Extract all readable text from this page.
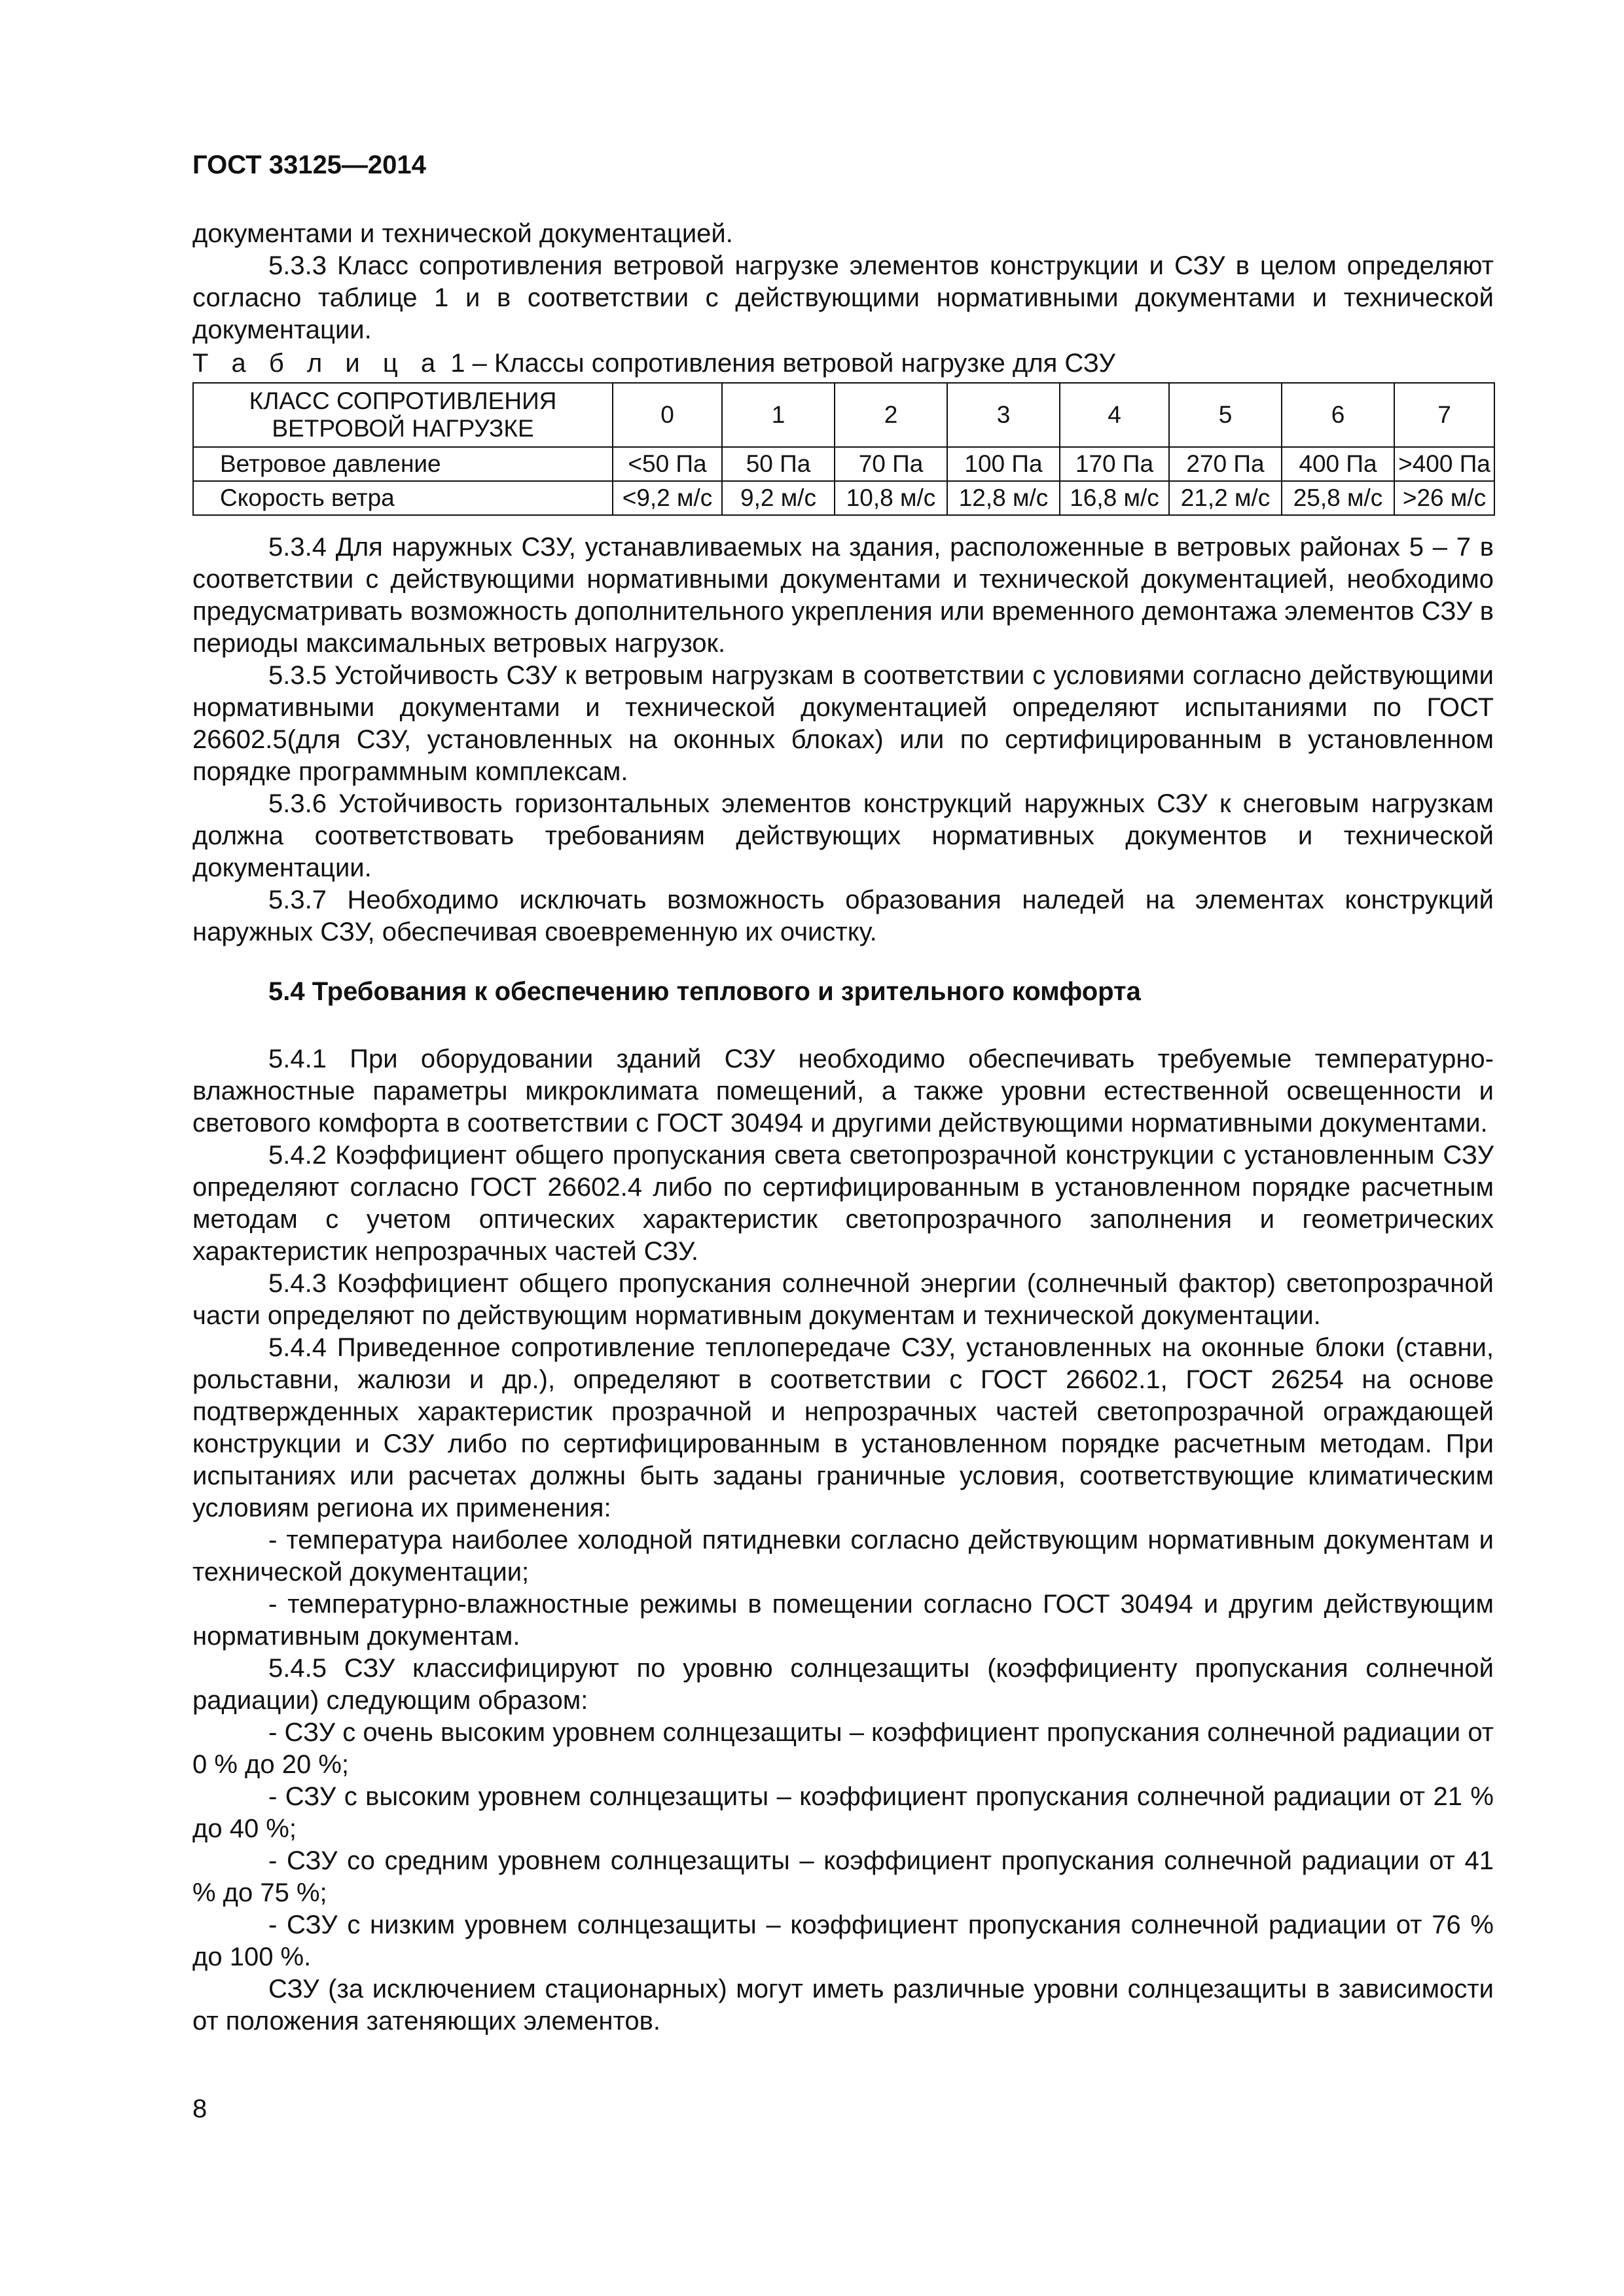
ГОСТ 33125—2014

документами и технической документацией.

5.3.3 Класс сопротивления ветровой нагрузке элементов конструкции и СЗУ в целом определяют согласно таблице 1 и в соответствии с действующими нормативными документами и технической документации.

Т а б л и ц а 1 – Классы сопротивления ветровой нагрузке для СЗУ
КЛАСС СОПРОТИВЛЕНИЯ ВЕТРОВОЙ НАГРУЗКЕ	0	1	2	3	4	5	6	7
Ветровое давление	<50 Па	50 Па	70 Па	100 Па	170 Па	270 Па	400 Па	>400 Па
Скорость ветра	<9,2 м/с	9,2 м/с	10,8 м/с	12,8 м/с	16,8 м/с	21,2 м/с	25,8 м/с	>26 м/с

5.3.4 Для наружных СЗУ, устанавливаемых на здания, расположенные в ветровых районах 5 – 7 в соответствии с действующими нормативными документами и технической документацией, необходимо предусматривать возможность дополнительного укрепления или временного демонтажа элементов СЗУ в периоды максимальных ветровых нагрузок.

5.3.5 Устойчивость СЗУ к ветровым нагрузкам в соответствии с условиями согласно действующими нормативными документами и технической документацией определяют испытаниями по ГОСТ 26602.5(для СЗУ, установленных на оконных блоках) или по сертифицированным в установленном порядке программным комплексам.

5.3.6 Устойчивость горизонтальных элементов конструкций наружных СЗУ к снеговым нагрузкам должна соответствовать требованиям действующих нормативных документов и технической документации.

5.3.7 Необходимо исключать возможность образования наледей на элементах конструкций наружных СЗУ, обеспечивая своевременную их очистку.

5.4 Требования к обеспечению теплового и зрительного комфорта

5.4.1 При оборудовании зданий СЗУ необходимо обеспечивать требуемые температурно-влажностные параметры микроклимата помещений, а также уровни естественной освещенности и светового комфорта в соответствии с ГОСТ 30494 и другими действующими нормативными документами.

5.4.2 Коэффициент общего пропускания света светопрозрачной конструкции с установленным СЗУ определяют согласно ГОСТ 26602.4 либо по сертифицированным в установленном порядке расчетным методам с учетом оптических характеристик светопрозрачного заполнения и геометрических характеристик непрозрачных частей СЗУ.

5.4.3 Коэффициент общего пропускания солнечной энергии (солнечный фактор) светопрозрачной части определяют по действующим нормативным документам и технической документации.

5.4.4 Приведенное сопротивление теплопередаче СЗУ, установленных на оконные блоки (ставни, рольставни, жалюзи и др.), определяют в соответствии с ГОСТ 26602.1, ГОСТ 26254 на основе подтвержденных характеристик прозрачной и непрозрачных частей светопрозрачной ограждающей конструкции и СЗУ либо по сертифицированным в установленном порядке расчетным методам. При испытаниях или расчетах должны быть заданы граничные условия, соответствующие климатическим условиям региона их применения:

- температура наиболее холодной пятидневки согласно действующим нормативным документам и технической документации;

- температурно-влажностные режимы в помещении согласно ГОСТ 30494 и другим действующим нормативным документам.

5.4.5 СЗУ классифицируют по уровню солнцезащиты (коэффициенту пропускания солнечной радиации) следующим образом:

- СЗУ с очень высоким уровнем солнцезащиты – коэффициент пропускания солнечной радиации от 0 % до 20 %;

- СЗУ с высоким уровнем солнцезащиты – коэффициент пропускания солнечной радиации от 21 % до 40 %;

- СЗУ со средним уровнем солнцезащиты – коэффициент пропускания солнечной радиации от 41 % до 75 %;

- СЗУ с низким уровнем солнцезащиты – коэффициент пропускания солнечной радиации от 76 % до 100 %.

СЗУ (за исключением стационарных) могут иметь различные уровни солнцезащиты в зависимости от положения затеняющих элементов.

8
